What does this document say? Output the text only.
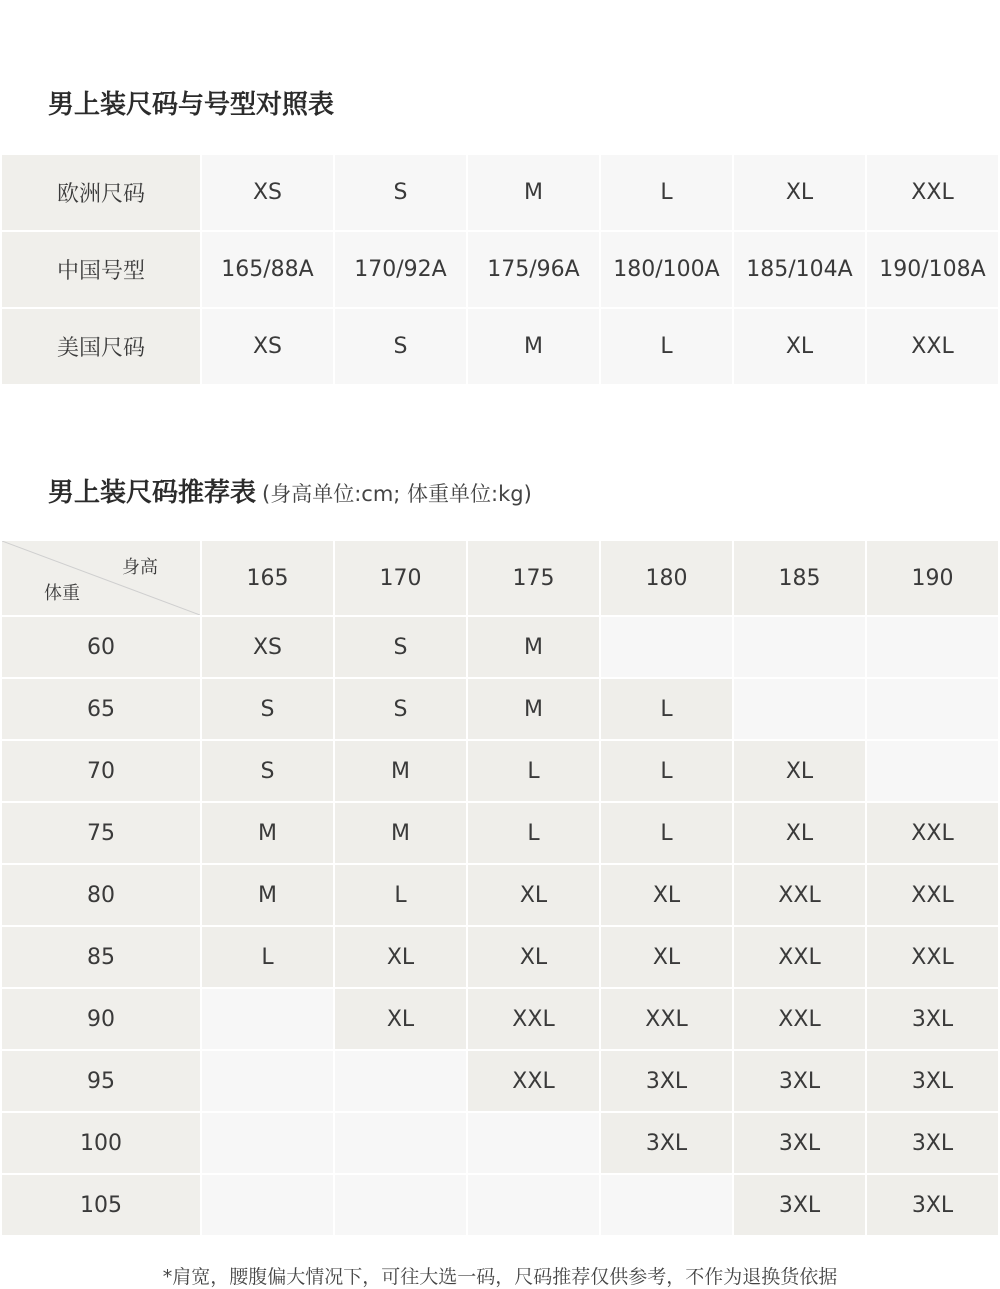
男上装尺码与号型对照表
欧洲尺码	XS	S	M	L	XL	XXL
中国号型	165/88A	170/92A	175/96A	180/100A	185/104A	190/108A
美国尺码	XS	S	M	L	XL	XXL
男上装尺码推荐表 (身高单位:cm; 体重单位:kg)
身高
体重	165	170	175	180	185	190
60	XS	S	M			
65	S	S	M	L		
70	S	M	L	L	XL	
75	M	M	L	L	XL	XXL
80	M	L	XL	XL	XXL	XXL
85	L	XL	XL	XL	XXL	XXL
90		XL	XXL	XXL	XXL	3XL
95			XXL	3XL	3XL	3XL
100				3XL	3XL	3XL
105					3XL	3XL
*肩宽，腰腹偏大情况下，可往大选一码，尺码推荐仅供参考，不作为退换货依据
